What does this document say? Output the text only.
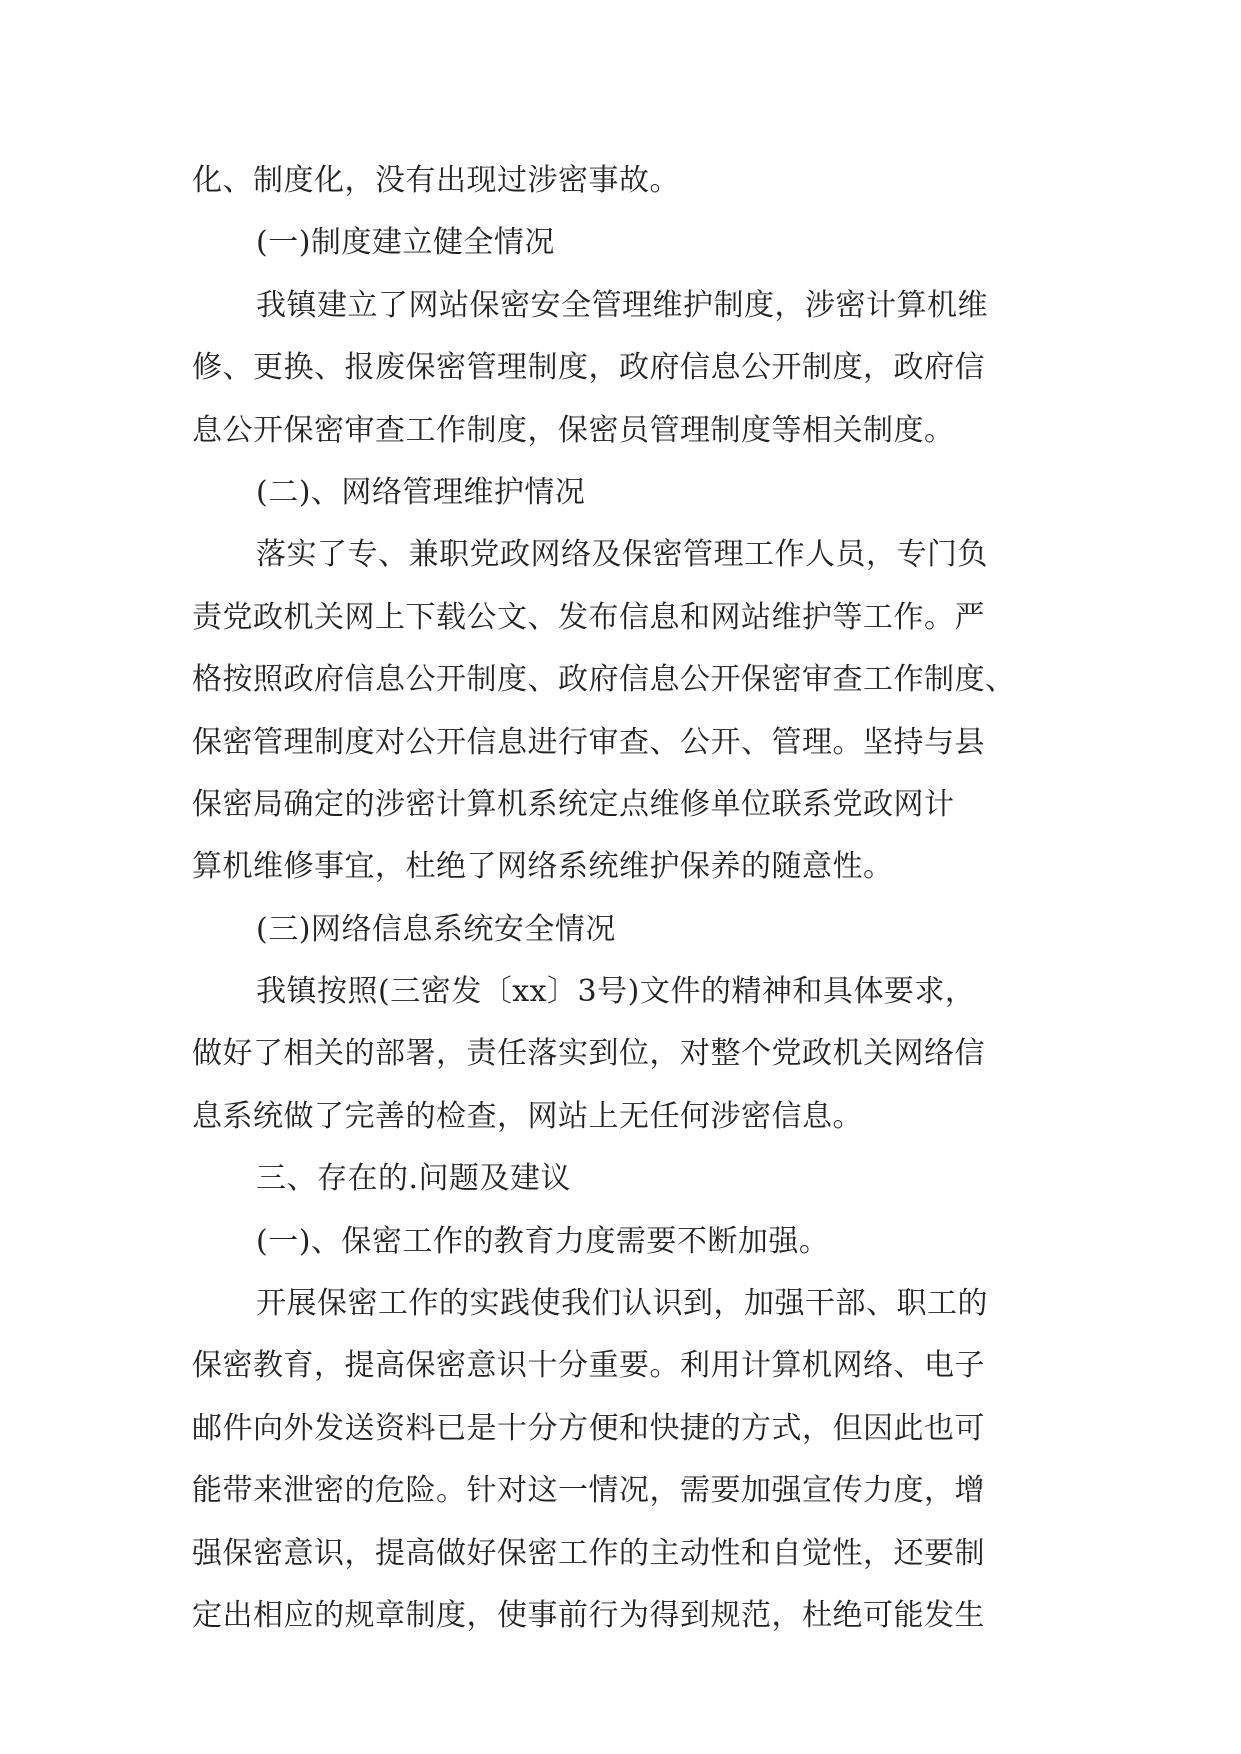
化、制度化，没有出现过涉密事故。

(一)制度建立健全情况

我镇建立了网站保密安全管理维护制度，涉密计算机维

修、更换、报废保密管理制度，政府信息公开制度，政府信

息公开保密审查工作制度，保密员管理制度等相关制度。

(二)、网络管理维护情况

落实了专、兼职党政网络及保密管理工作人员，专门负

责党政机关网上下载公文、发布信息和网站维护等工作。严

格按照政府信息公开制度、政府信息公开保密审查工作制度、

保密管理制度对公开信息进行审查、公开、管理。坚持与县

保密局确定的涉密计算机系统定点维修单位联系党政网计

算机维修事宜，杜绝了网络系统维护保养的随意性。

(三)网络信息系统安全情况

我镇按照(三密发〔xx〕3号)文件的精神和具体要求，

做好了相关的部署，责任落实到位，对整个党政机关网络信

息系统做了完善的检查，网站上无任何涉密信息。

三、存在的.问题及建议

(一)、保密工作的教育力度需要不断加强。

开展保密工作的实践使我们认识到，加强干部、职工的

保密教育，提高保密意识十分重要。利用计算机网络、电子

邮件向外发送资料已是十分方便和快捷的方式，但因此也可

能带来泄密的危险。针对这一情况，需要加强宣传力度，增

强保密意识，提高做好保密工作的主动性和自觉性，还要制

定出相应的规章制度，使事前行为得到规范，杜绝可能发生
